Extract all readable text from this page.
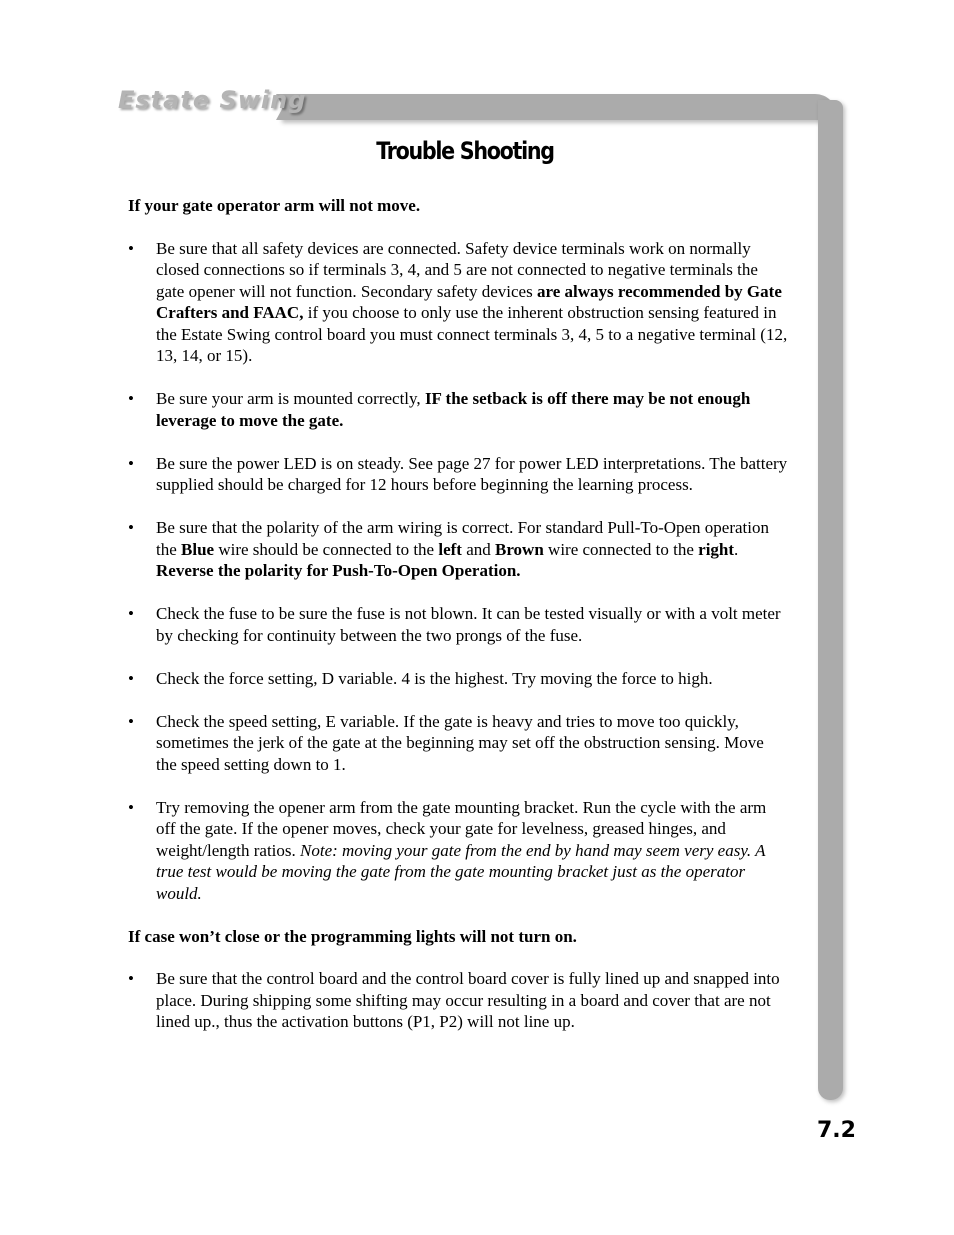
Estate Swing
Trouble Shooting

If your gate operator arm will not move.

• Be sure that all safety devices are connected. Safety device terminals work on normally closed connections so if terminals 3, 4, and 5 are not connected to negative terminals the gate opener will not function. Secondary safety devices are always recommended by Gate Crafters and FAAC, if you choose to only use the inherent obstruction sensing featured in the Estate Swing control board you must connect terminals 3, 4, 5 to a negative terminal (12, 13, 14, or 15).
• Be sure your arm is mounted correctly, IF the setback is off there may be not enough leverage to move the gate.
• Be sure the power LED is on steady. See page 27 for power LED interpretations. The battery supplied should be charged for 12 hours before beginning the learning process.
• Be sure that the polarity of the arm wiring is correct. For standard Pull-To-Open operation the Blue wire should be connected to the left and Brown wire connected to the right. Reverse the polarity for Push-To-Open Operation.
• Check the fuse to be sure the fuse is not blown. It can be tested visually or with a volt meter by checking for continuity between the two prongs of the fuse.
• Check the force setting, D variable. 4 is the highest. Try moving the force to high.
• Check the speed setting, E variable. If the gate is heavy and tries to move too quickly, sometimes the jerk of the gate at the beginning may set off the obstruction sensing. Move the speed setting down to 1.
• Try removing the opener arm from the gate mounting bracket. Run the cycle with the arm off the gate. If the opener moves, check your gate for levelness, greased hinges, and weight/length ratios. Note: moving your gate from the end by hand may seem very easy. A true test would be moving the gate from the gate mounting bracket just as the operator would.

If case won’t close or the programming lights will not turn on.

• Be sure that the control board and the control board cover is fully lined up and snapped into place. During shipping some shifting may occur resulting in a board and cover that are not lined up., thus the activation buttons (P1, P2) will not line up.
7.2
